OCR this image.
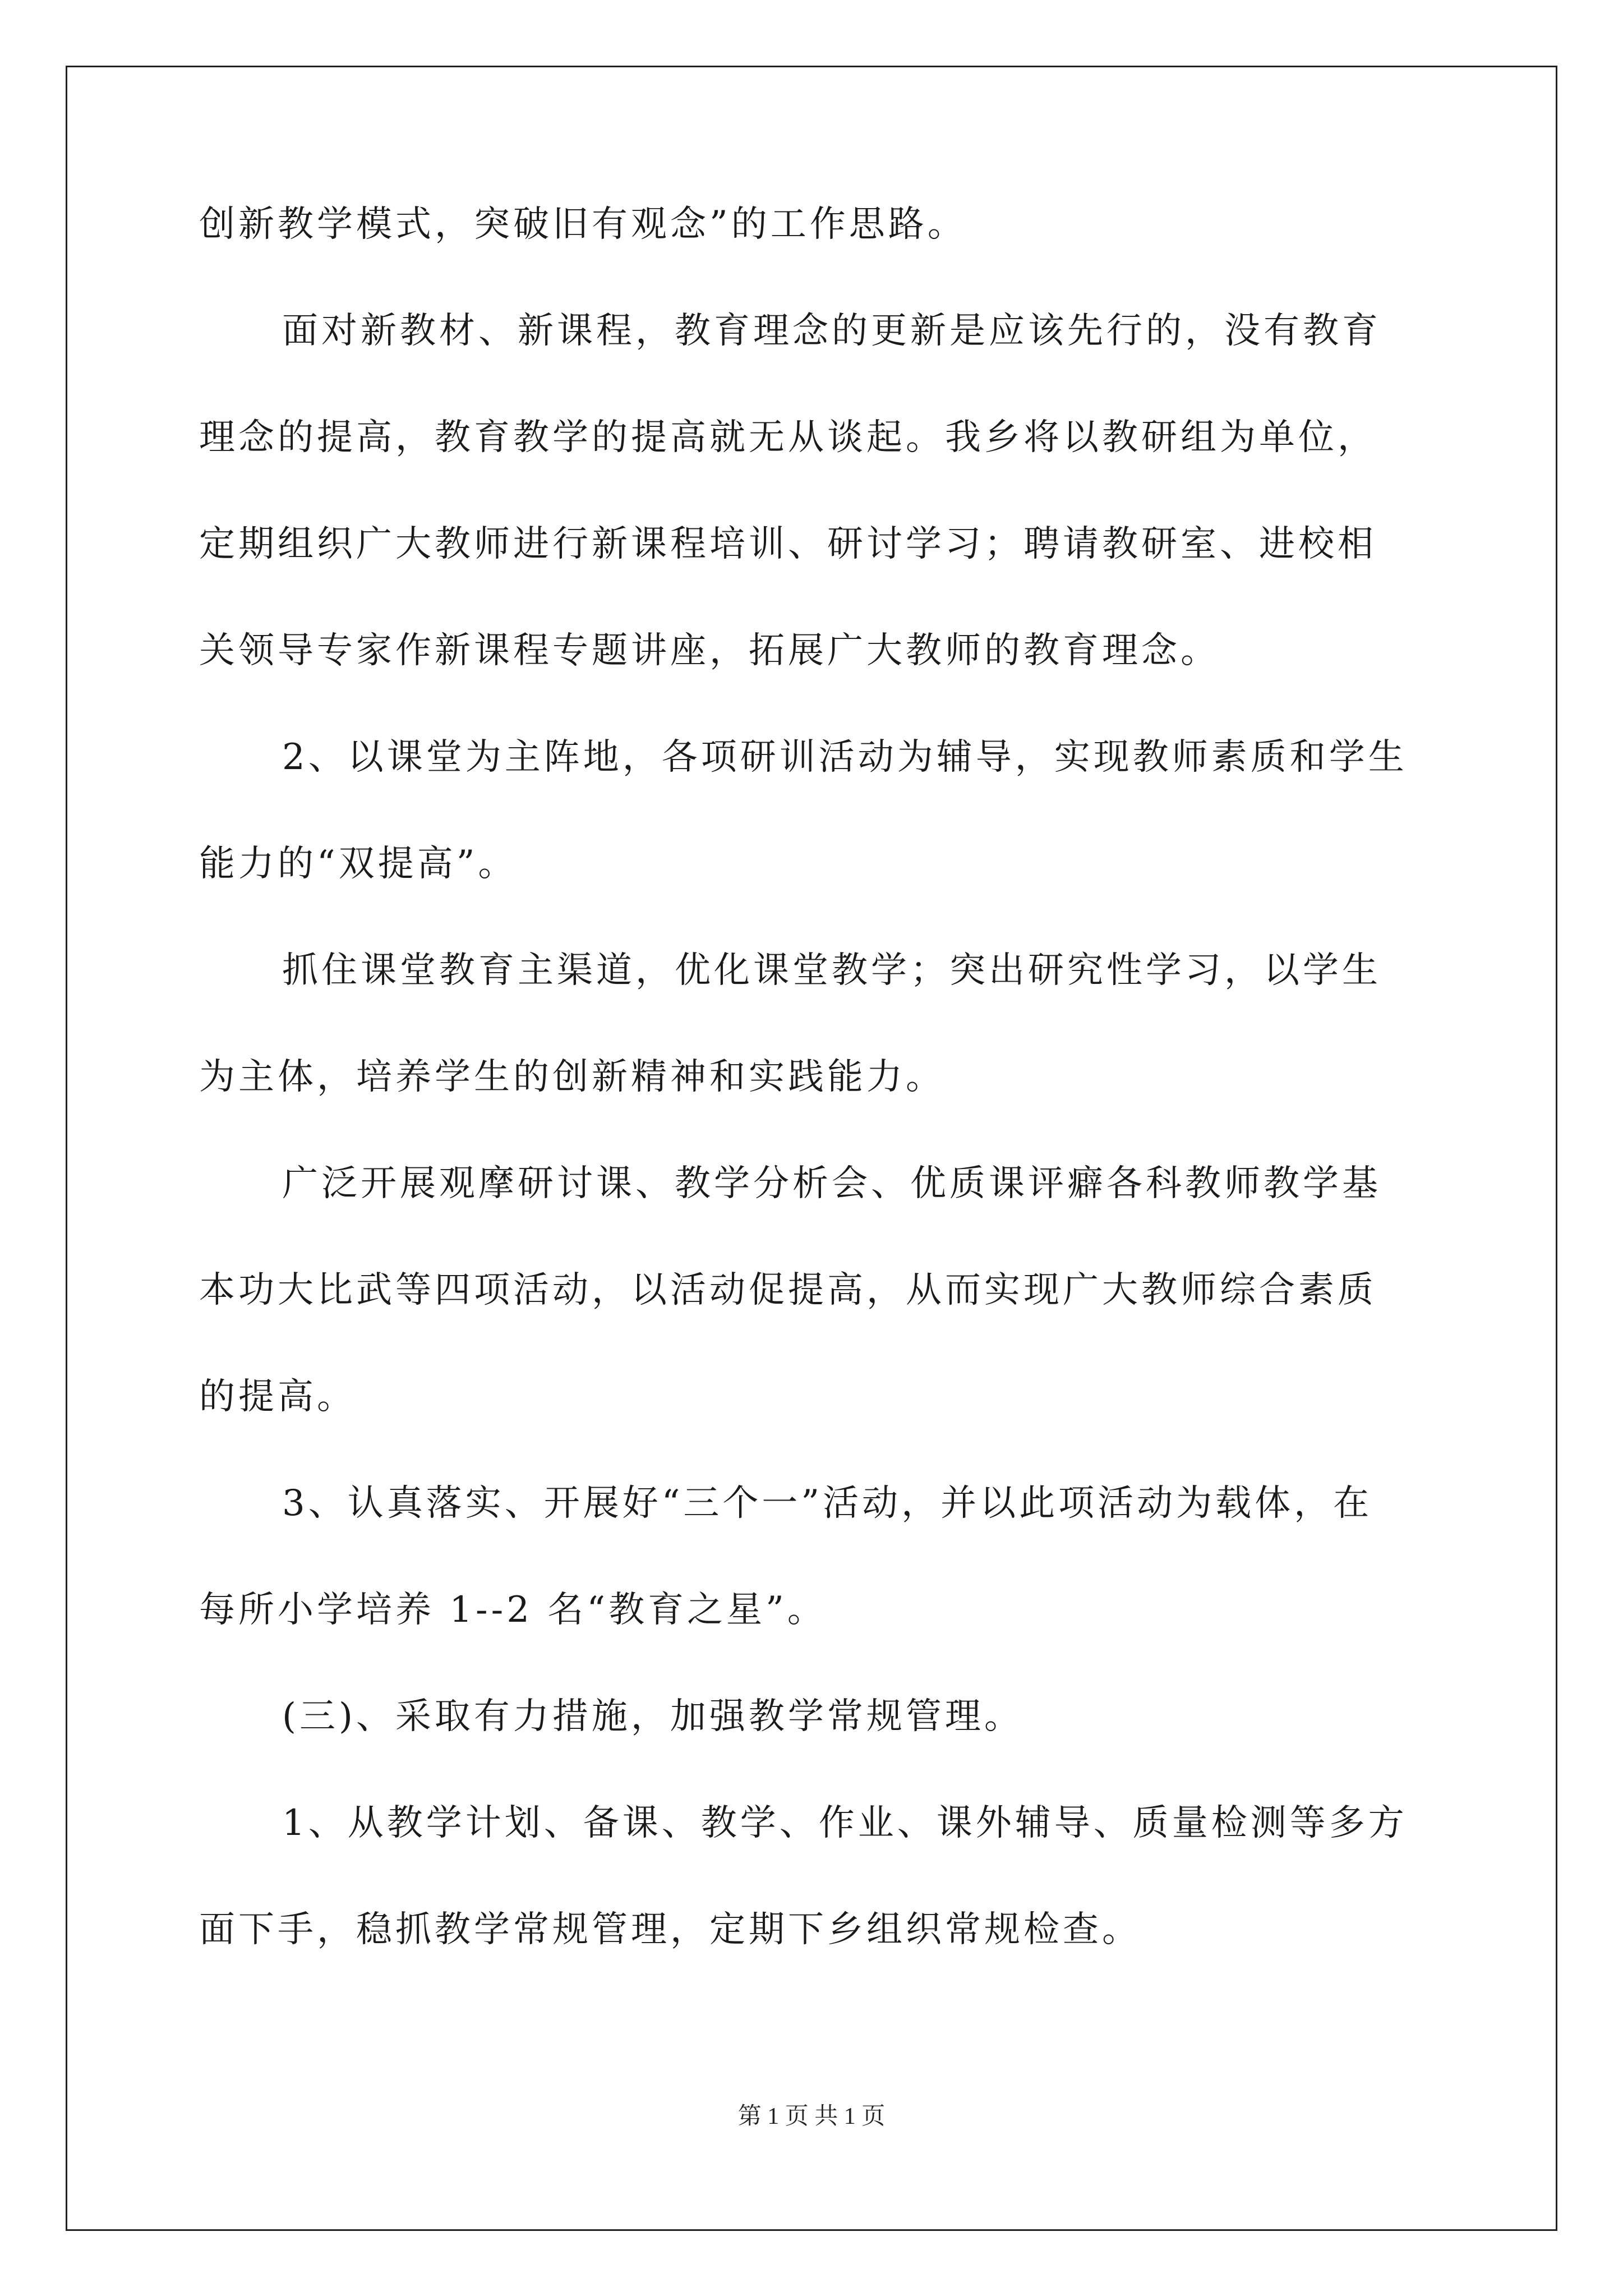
创新教学模式，突破旧有观念”的工作思路。
面对新教材、新课程，教育理念的更新是应该先行的，没有教育
理念的提高，教育教学的提高就无从谈起。我乡将以教研组为单位，
定期组织广大教师进行新课程培训、研讨学习；聘请教研室、进校相
关领导专家作新课程专题讲座，拓展广大教师的教育理念。
2、以课堂为主阵地，各项研训活动为辅导，实现教师素质和学生
能力的“双提高”。
抓住课堂教育主渠道，优化课堂教学；突出研究性学习，以学生
为主体，培养学生的创新精神和实践能力。
广泛开展观摩研讨课、教学分析会、优质课评癖各科教师教学基
本功大比武等四项活动，以活动促提高，从而实现广大教师综合素质
的提高。
3、认真落实、开展好“三个一”活动，并以此项活动为载体，在
每所小学培养 1--2 名“教育之星”。
(三)、采取有力措施，加强教学常规管理。
1、从教学计划、备课、教学、作业、课外辅导、质量检测等多方
面下手，稳抓教学常规管理，定期下乡组织常规检查。
第 1 页 共 1 页
